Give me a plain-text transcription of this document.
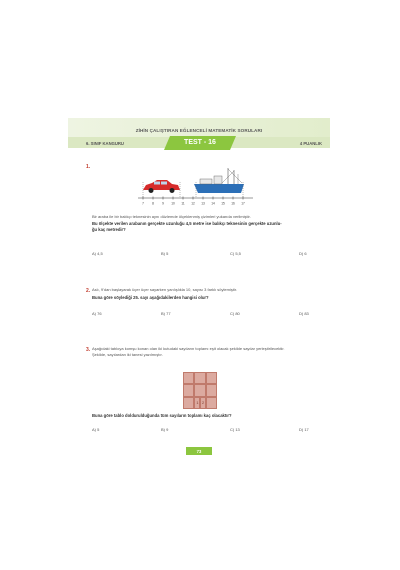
ZİHİN ÇALIŞTIRAN EĞLENCELİ MATEMATİK SORULARI
6. SINIF KANGURU	TEST - 16	4 PUANLIK
1.
7	8	9 10 11 12 13 14 15 16 17
Bir araba ile bir balıkçı teknesinin aynı düzlemde ölçeklenmiş çizimleri yukarıda verilmiştir.
Bu ölçekte verilen arabanın gerçekte uzunluğu 4,5 metre ise balıkçı teknesinin gerçekte uzunlu-
ğu kaç metredir?
A) 4,5	B) 5	C) 5,5	D) 6
2. Aslı, 9'dan başlayarak üçer üçer sayarken yanlışlıkla 10, sayısı 3 farklı söylemiştir.
Buna göre söylediği 25. sayı aşağıdakilerden hangisi olur?
A) 76	B) 77	C) 80	D) 83
3. Aşağıdaki tabloya komşu konan olan iki kutudaki sayıların toplamı eşit olacak şekilde sayılar yerleştirilecektir.
Şekilde, sayılardan iki tanesi yazılmıştır.
1 2
Buna göre tablo doldurulduğunda tüm sayıların toplamı kaç olacaktır?
A) 5	B) 9	C) 13	D) 17
73
